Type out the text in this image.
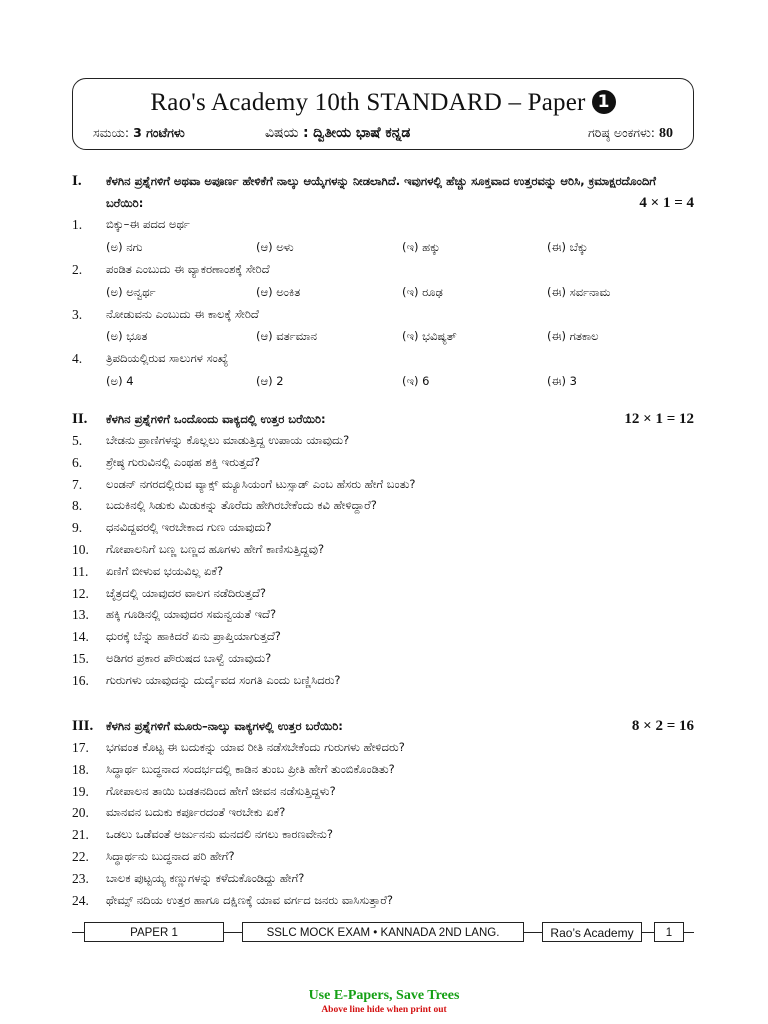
Rao's Academy 10th STANDARD – Paper 1
ಸಮಯ: 3 ಗಂಟೆಗಳು	ವಿಷಯ : ದ್ವಿತೀಯ ಭಾಷೆ ಕನ್ನಡ	ಗರಿಷ್ಠ ಅಂಕಗಳು: 80
I.	ಕೆಳಗಿನ ಪ್ರಶ್ನೆಗಳಿಗೆ ಅಥವಾ ಅಪೂರ್ಣ ಹೇಳಿಕೆಗೆ ನಾಲ್ಕು ಆಯ್ಕೆಗಳನ್ನು ನೀಡಲಾಗಿದೆ. ಇವುಗಳಲ್ಲಿ ಹೆಚ್ಚು ಸೂಕ್ತವಾದ ಉತ್ತರವನ್ನು ಆರಿಸಿ, ಕ್ರಮಾಕ್ಷರದೊಂದಿಗೆ ಬರೆಯಿರಿ:	4 × 1 = 4
1. ಬಿಕ್ಕು–ಈ ಪದದ ಅರ್ಥ
(ಅ) ನಗು	(ಆ) ಅಳು	(ಇ) ಹಕ್ಕು	(ಈ) ಬೆಕ್ಕು
2. ಪಂಡಿತ ಎಂಬುದು ಈ ವ್ಯಾಕರಣಾಂಶಕ್ಕೆ ಸೇರಿದೆ
(ಅ) ಅನ್ವರ್ಥ	(ಆ) ಅಂಕಿತ	(ಇ) ರೂಢ	(ಈ) ಸರ್ವನಾಮ
3. ನೋಡುವನು ಎಂಬುದು ಈ ಕಾಲಕ್ಕೆ ಸೇರಿದೆ
(ಅ) ಭೂತ	(ಆ) ವರ್ತಮಾನ	(ಇ) ಭವಿಷ್ಯತ್	(ಈ) ಗತಕಾಲ
4. ತ್ರಿಪದಿಯಲ್ಲಿರುವ ಸಾಲುಗಳ ಸಂಖ್ಯೆ
(ಅ) 4	(ಆ) 2	(ಇ) 6	(ಈ) 3
II.	ಕೆಳಗಿನ ಪ್ರಶ್ನೆಗಳಿಗೆ ಒಂದೊಂದು ವಾಕ್ಯದಲ್ಲಿ ಉತ್ತರ ಬರೆಯಿರಿ:	12 × 1 = 12
5. ಬೇಡನು ಪ್ರಾಣಿಗಳನ್ನು ಕೊಲ್ಲಲು ಮಾಡುತ್ತಿದ್ದ ಉಪಾಯ ಯಾವುದು?
6. ಶ್ರೇಷ್ಠ ಗುರುವಿನಲ್ಲಿ ಎಂಥಹ ಶಕ್ತಿ ಇರುತ್ತದೆ?
7. ಲಂಡನ್ ನಗರದಲ್ಲಿರುವ ವ್ಯಾಕ್ಸ್ ಮ್ಯೂಸಿಯಂಗೆ ಟುಸ್ಸಾಡ್ ಎಂಬ ಹೆಸರು ಹೇಗೆ ಬಂತು?
8. ಬದುಕಿನಲ್ಲಿ ಸಿಡುಕು ಮಿಡುಕನ್ನು ತೊರೆದು ಹೇಗಿರಬೇಕೆಂದು ಕವಿ ಹೇಳಿದ್ದಾರೆ?
9. ಧನವಿದ್ದವರಲ್ಲಿ ಇರಬೇಕಾದ ಗುಣ ಯಾವುದು?
10. ಗೋಪಾಲನಿಗೆ ಬಣ್ಣ ಬಣ್ಣದ ಹೂಗಳು ಹೇಗೆ ಕಾಣಿಸುತ್ತಿದ್ದವು?
11. ಏಣಿಗೆ ಬೀಳುವ ಭಯವಿಲ್ಲ ಏಕೆ?
12. ಚೈತ್ರದಲ್ಲಿ ಯಾವುದರ ವಾಲಗ ನಡೆದಿರುತ್ತದೆ?
13. ಹಕ್ಕಿ ಗೂಡಿನಲ್ಲಿ ಯಾವುದರ ಸಮನ್ವಯತೆ ಇದೆ?
14. ಧುರಕ್ಕೆ ಬೆನ್ನು ಹಾಕಿದರೆ ಏನು ಪ್ರಾಪ್ತಿಯಾಗುತ್ತದೆ?
15. ಅಡಿಗರ ಪ್ರಕಾರ ಪೌರುಷದ ಬಾಳ್ವೆ ಯಾವುದು?
16. ಗುರುಗಳು ಯಾವುದನ್ನು ದುರ್ದೈವದ ಸಂಗತಿ ಎಂದು ಬಣ್ಣಿಸಿದರು?
III.	ಕೆಳಗಿನ ಪ್ರಶ್ನೆಗಳಿಗೆ ಮೂರು–ನಾಲ್ಕು ವಾಕ್ಯಗಳಲ್ಲಿ ಉತ್ತರ ಬರೆಯಿರಿ:	8 × 2 = 16
17. ಭಗವಂತ ಕೊಟ್ಟ ಈ ಬದುಕನ್ನು ಯಾವ ರೀತಿ ನಡೆಸಬೇಕೆಂದು ಗುರುಗಳು ಹೇಳಿದರು?
18. ಸಿದ್ಧಾರ್ಥ ಬುದ್ಧನಾದ ಸಂದರ್ಭದಲ್ಲಿ ಕಾಡಿನ ತುಂಬ ಪ್ರೀತಿ ಹೇಗೆ ತುಂಬಿಕೊಂಡಿತು?
19. ಗೋಪಾಲನ ತಾಯಿ ಬಡತನದಿಂದ ಹೇಗೆ ಜೀವನ ನಡೆಸುತ್ತಿದ್ದಳು?
20. ಮಾನವನ ಬದುಕು ಕರ್ಪೂರದಂತೆ ಇರಬೇಕು ಏಕೆ?
21. ಒಡಲು ಒಡೆವಂತೆ ಅರ್ಜುನನು ಮನದಲಿ ನಗಲು ಕಾರಣವೇನು?
22. ಸಿದ್ಧಾರ್ಥನು ಬುದ್ಧನಾದ ಪರಿ ಹೇಗೆ?
23. ಬಾಲಕ ಪುಟ್ಟಯ್ಯ ಕಣ್ಣುಗಳನ್ನು ಕಳೆದುಕೊಂಡಿದ್ದು ಹೇಗೆ?
24. ಥೇಮ್ಸ್ ನದಿಯ ಉತ್ತರ ಹಾಗೂ ದಕ್ಷಿಣಕ್ಕೆ ಯಾವ ವರ್ಗದ ಜನರು ವಾಸಿಸುತ್ತಾರೆ?
PAPER 1	SSLC MOCK EXAM • KANNADA 2ND LANG.	Rao’s Academy	1
Use E-Papers, Save Trees
Above line hide when print out
